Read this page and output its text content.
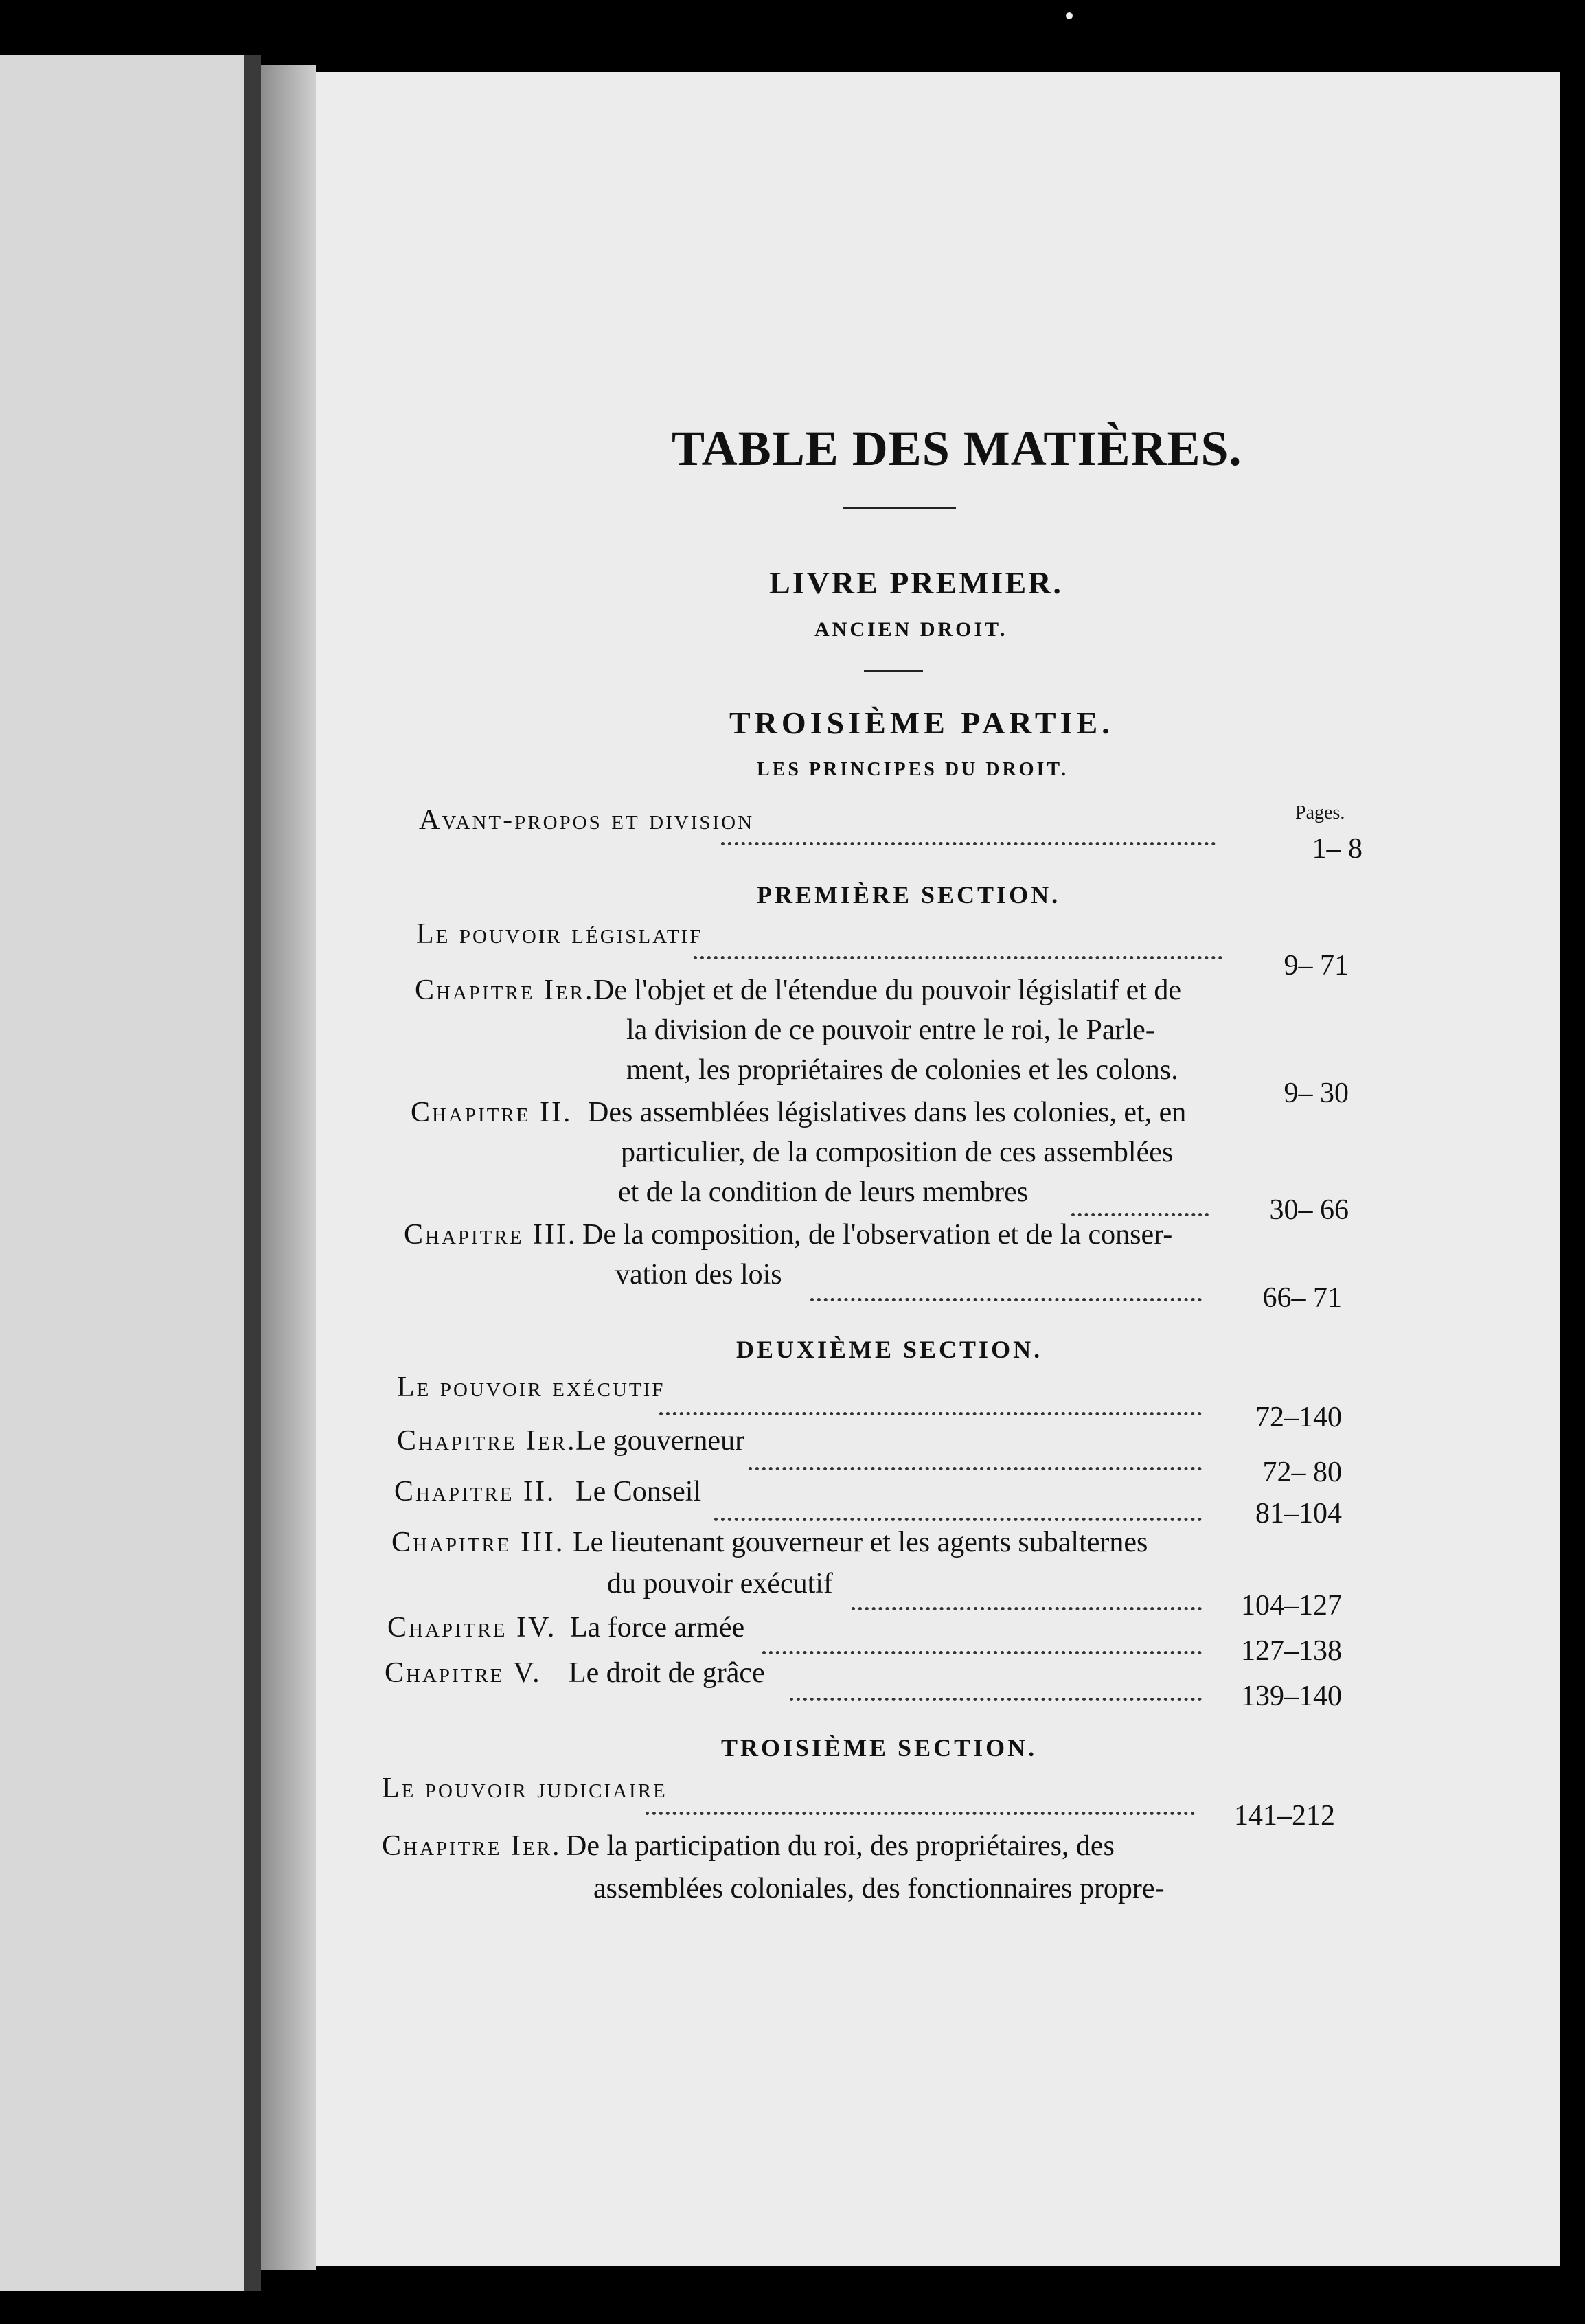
TABLE DES MATIÈRES.
LIVRE PREMIER.
ANCIEN DROIT.
TROISIÈME PARTIE.
LES PRINCIPES DU DROIT.
Pages.
Avant-propos et division
1– 8
PREMIÈRE SECTION.
Le pouvoir législatif
9– 71
Chapitre Ier.
De l'objet et de l'étendue du pouvoir législatif et de
la division de ce pouvoir entre le roi, le Parle-
ment, les propriétaires de colonies et les colons.
9– 30
Chapitre II. Des assemblées législatives dans les colonies, et, en
particulier, de la composition de ces assemblées
et de la condition de leurs membres
30– 66
Chapitre III. De la composition, de l'observation et de la conser-
vation des lois
66– 71
DEUXIÈME SECTION.
Le pouvoir exécutif
72–140
Chapitre Ier.
Le gouverneur
72– 80
Chapitre II. Le Conseil
81–104
Chapitre III. Le lieutenant gouverneur et les agents subalternes
du pouvoir exécutif
104–127
Chapitre IV. La force armée
127–138
Chapitre V. Le droit de grâce
139–140
TROISIÈME SECTION.
Le pouvoir judiciaire
141–212
Chapitre Ier. De la participation du roi, des propriétaires, des
assemblées coloniales, des fonctionnaires propre-
